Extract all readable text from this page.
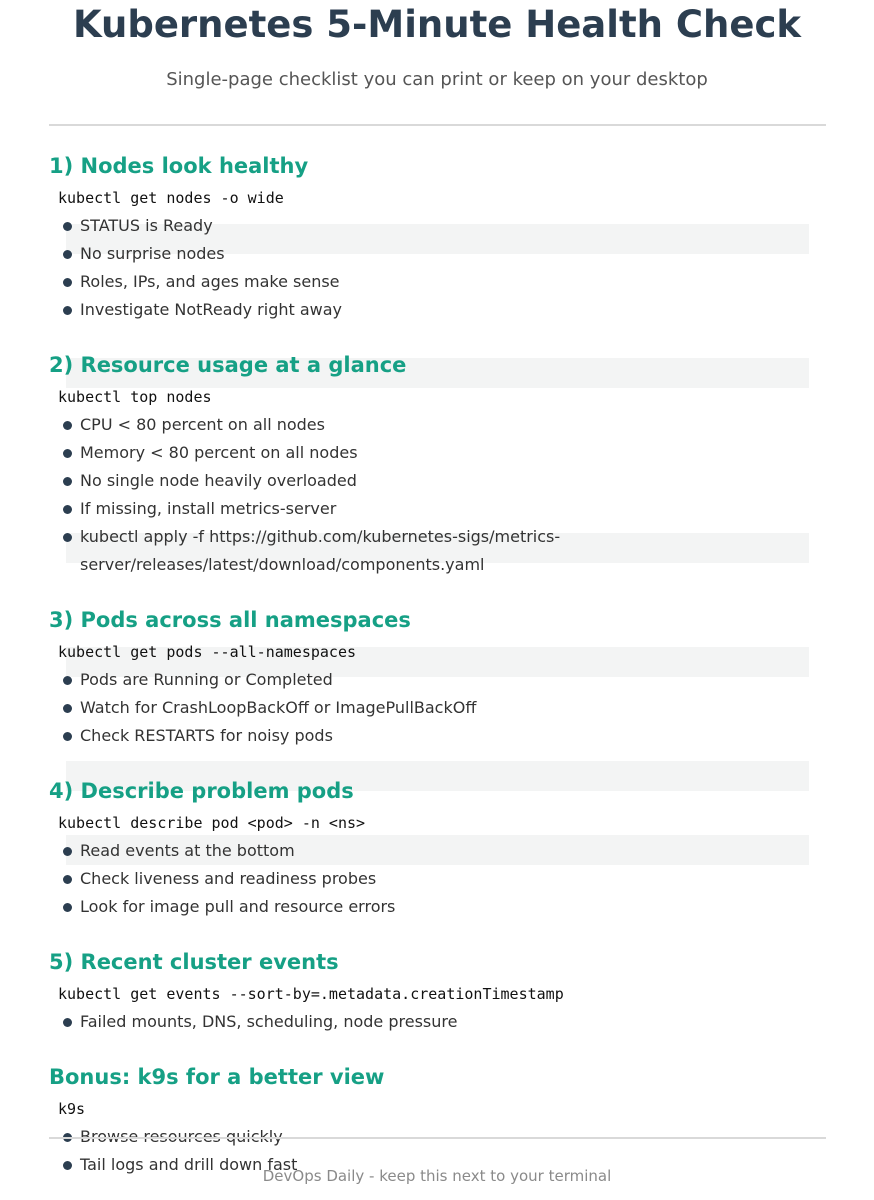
Kubernetes 5-Minute Health Check
Single-page checklist you can print or keep on your desktop
1) Nodes look healthy
kubectl get nodes -o wide
STATUS is Ready
No surprise nodes
Roles, IPs, and ages make sense
Investigate NotReady right away
2) Resource usage at a glance
kubectl top nodes
CPU < 80 percent on all nodes
Memory < 80 percent on all nodes
No single node heavily overloaded
If missing, install metrics-server
kubectl apply -f https://github.com/kubernetes-sigs/metrics-server/releases/latest/download/components.yaml
3) Pods across all namespaces
kubectl get pods --all-namespaces
Pods are Running or Completed
Watch for CrashLoopBackOff or ImagePullBackOff
Check RESTARTS for noisy pods
4) Describe problem pods
kubectl describe pod <pod> -n <ns>
Read events at the bottom
Check liveness and readiness probes
Look for image pull and resource errors
5) Recent cluster events
kubectl get events --sort-by=.metadata.creationTimestamp
Failed mounts, DNS, scheduling, node pressure
Bonus: k9s for a better view
k9s
Tail logs and drill down fast
DevOps Daily - keep this next to your terminal
